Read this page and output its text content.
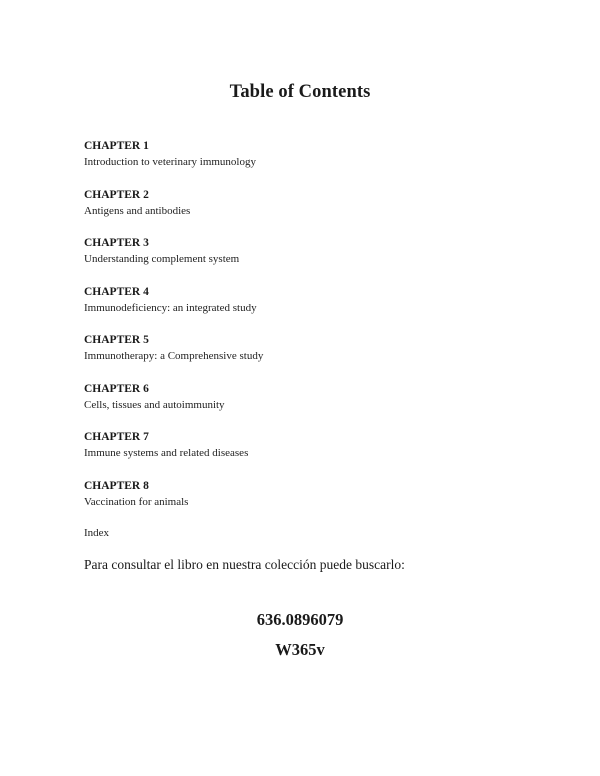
Table of Contents

CHAPTER 1

Introduction to veterinary immunology

CHAPTER 2

Antigens and antibodies

CHAPTER 3

Understanding complement system

CHAPTER 4

Immunodeficiency: an integrated study

CHAPTER 5

Immunotherapy: a Comprehensive study

CHAPTER 6

Cells, tissues and autoimmunity

CHAPTER 7

Immune systems and related diseases

CHAPTER 8

Vaccination for animals

Index
Para consultar el libro en nuestra colección puede buscarlo:
636.0896079
W365v
